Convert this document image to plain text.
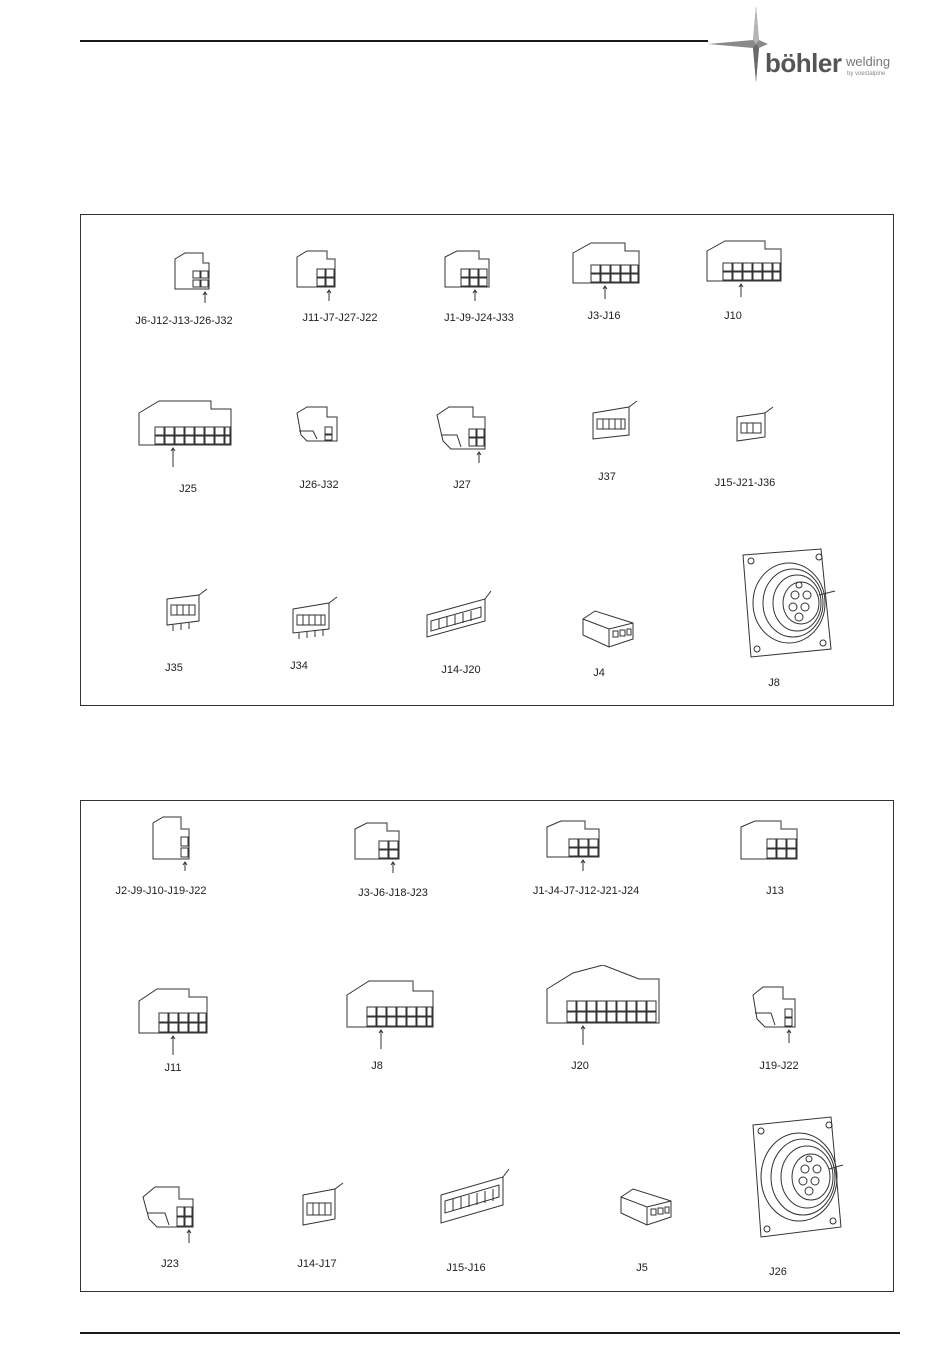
böhler welding
by voestalpine
J6-J12-J13-J26-J32	J11-J7-J27-J22	J1-J9-J24-J33	J3-J16	J10
J25	J26-J32	J27
J37	J15-J21-J36
J35	J34	J14-J20	J4
J8
J2-J9-J10-J19-J22	J3-J6-J18-J23	J1-J4-J7-J12-J21-J24	J13
J11	J8	J20	J19-J22
J23	J14-J17	J15-J16	J5	J26
